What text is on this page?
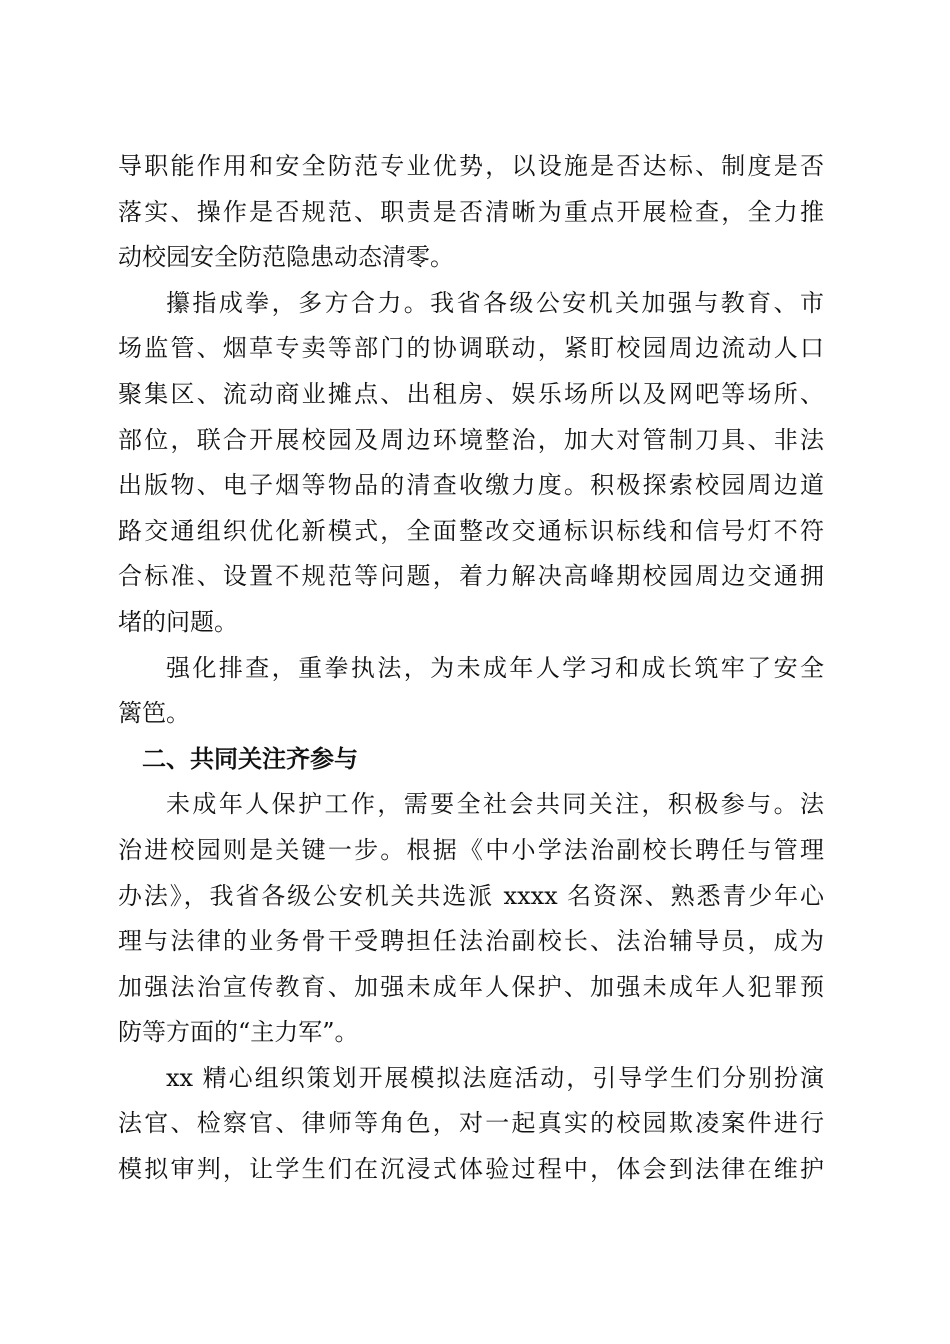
导职能作用和安全防范专业优势，以设施是否达标、制度是否
落实、操作是否规范、职责是否清晰为重点开展检查，全力推
动校园安全防范隐患动态清零。
攥指成拳，多方合力。我省各级公安机关加强与教育、市
场监管、烟草专卖等部门的协调联动，紧盯校园周边流动人口
聚集区、流动商业摊点、出租房、娱乐场所以及网吧等场所、
部位，联合开展校园及周边环境整治，加大对管制刀具、非法
出版物、电子烟等物品的清查收缴力度。积极探索校园周边道
路交通组织优化新模式，全面整改交通标识标线和信号灯不符
合标准、设置不规范等问题，着力解决高峰期校园周边交通拥
堵的问题。
强化排查，重拳执法，为未成年人学习和成长筑牢了安全
篱笆。
二、共同关注齐参与
未成年人保护工作，需要全社会共同关注，积极参与。法
治进校园则是关键一步。根据《中小学法治副校长聘任与管理
办法》，我省各级公安机关共选派 xxxx 名资深、熟悉青少年心
理与法律的业务骨干受聘担任法治副校长、法治辅导员，成为
加强法治宣传教育、加强未成年人保护、加强未成年人犯罪预
防等方面的“主力军”。
xx 精心组织策划开展模拟法庭活动，引导学生们分别扮演
法官、检察官、律师等角色，对一起真实的校园欺凌案件进行
模拟审判，让学生们在沉浸式体验过程中，体会到法律在维护
